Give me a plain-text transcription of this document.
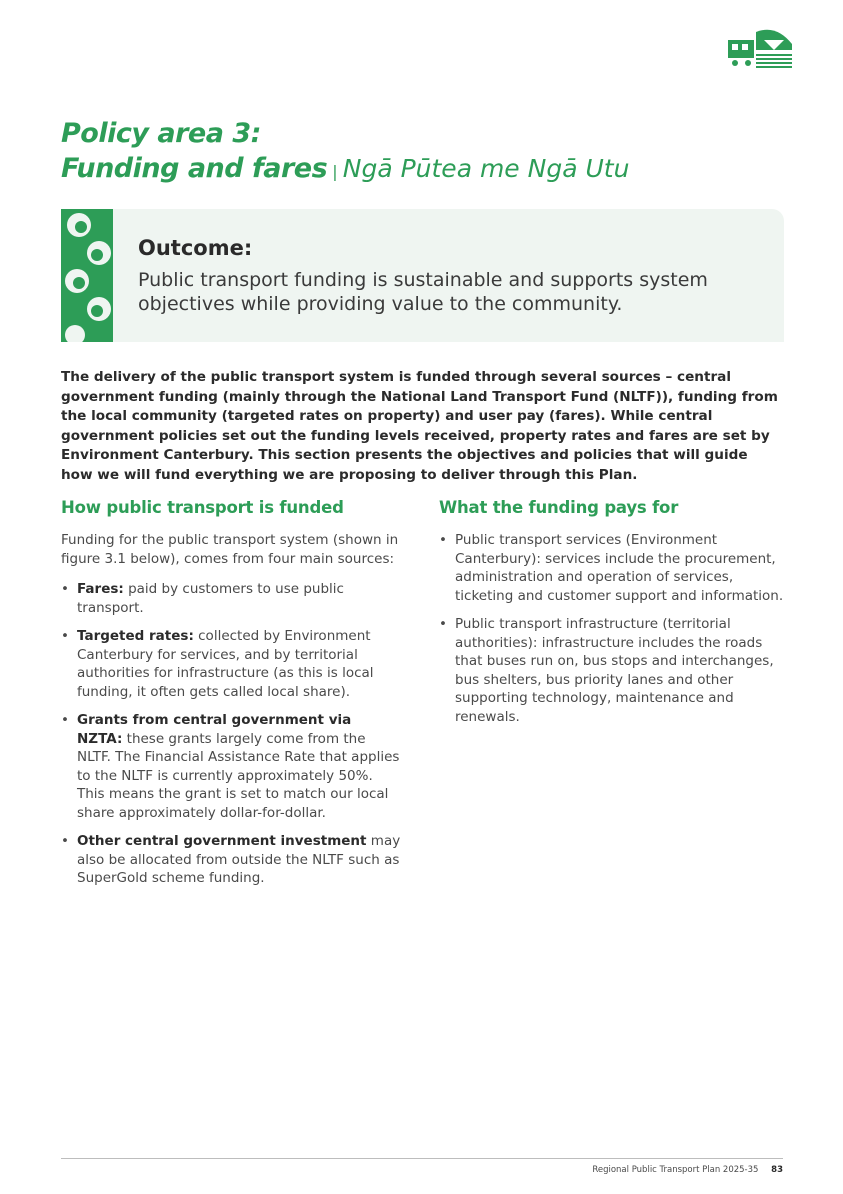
Policy area 3:
Funding and fares | Ngā Pūtea me Ngā Utu
Outcome:
Public transport funding is sustainable and supports system objectives while providing value to the community.

The delivery of the public transport system is funded through several sources – central government funding (mainly through the National Land Transport Fund (NLTF)), funding from the local community (targeted rates on property) and user pay (fares). While central government policies set out the funding levels received, property rates and fares are set by Environment Canterbury. This section presents the objectives and policies that will guide how we will fund everything we are proposing to deliver through this Plan.

How public transport is funded

Funding for the public transport system (shown in figure 3.1 below), comes from four main sources:

• Fares: paid by customers to use public transport.
• Targeted rates: collected by Environment Canterbury for services, and by territorial authorities for infrastructure (as this is local funding, it often gets called local share).
• Grants from central government via NZTA: these grants largely come from the NLTF. The Financial Assistance Rate that applies to the NLTF is currently approximately 50%. This means the grant is set to match our local share approximately dollar-for-dollar.
• Other central government investment may also be allocated from outside the NLTF such as SuperGold scheme funding.
What the funding pays for
• Public transport services (Environment Canterbury): services include the procurement, administration and operation of services, ticketing and customer support and information.
• Public transport infrastructure (territorial authorities): infrastructure includes the roads that buses run on, bus stops and interchanges, bus shelters, bus priority lanes and other supporting technology, maintenance and renewals.
Regional Public Transport Plan 2025-35 83
